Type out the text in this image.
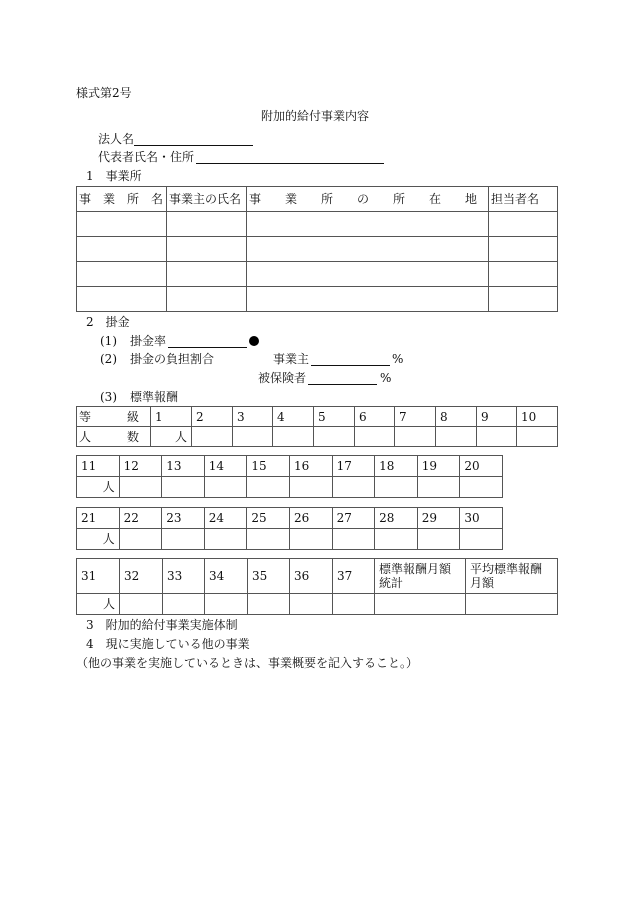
様式第2号
附加的給付事業内容
法人名
代表者氏名・住所
1　事業所
事　業　所　名	事業主の氏名	事　　業　　所　　の　　所　　在　　地	担当者名

2　掛金
(1) 掛金率
(2) 掛金の負担割合	事業主	%
被保険者	%
(3) 標準報酬
等　　　級	1	2	3	4	5	6	7	8	9	10
人　　　数	人									
11	12	13	14	15	16	17	18	19	20
人									
21	22	23	24	25	26	27	28	29	30
人									
31	32	33	34	35	36	37	標準報酬月額統計	平均標準報酬月額
人								
3　附加的給付事業実施体制
4　現に実施している他の事業
（他の事業を実施しているときは、事業概要を記入すること。）
